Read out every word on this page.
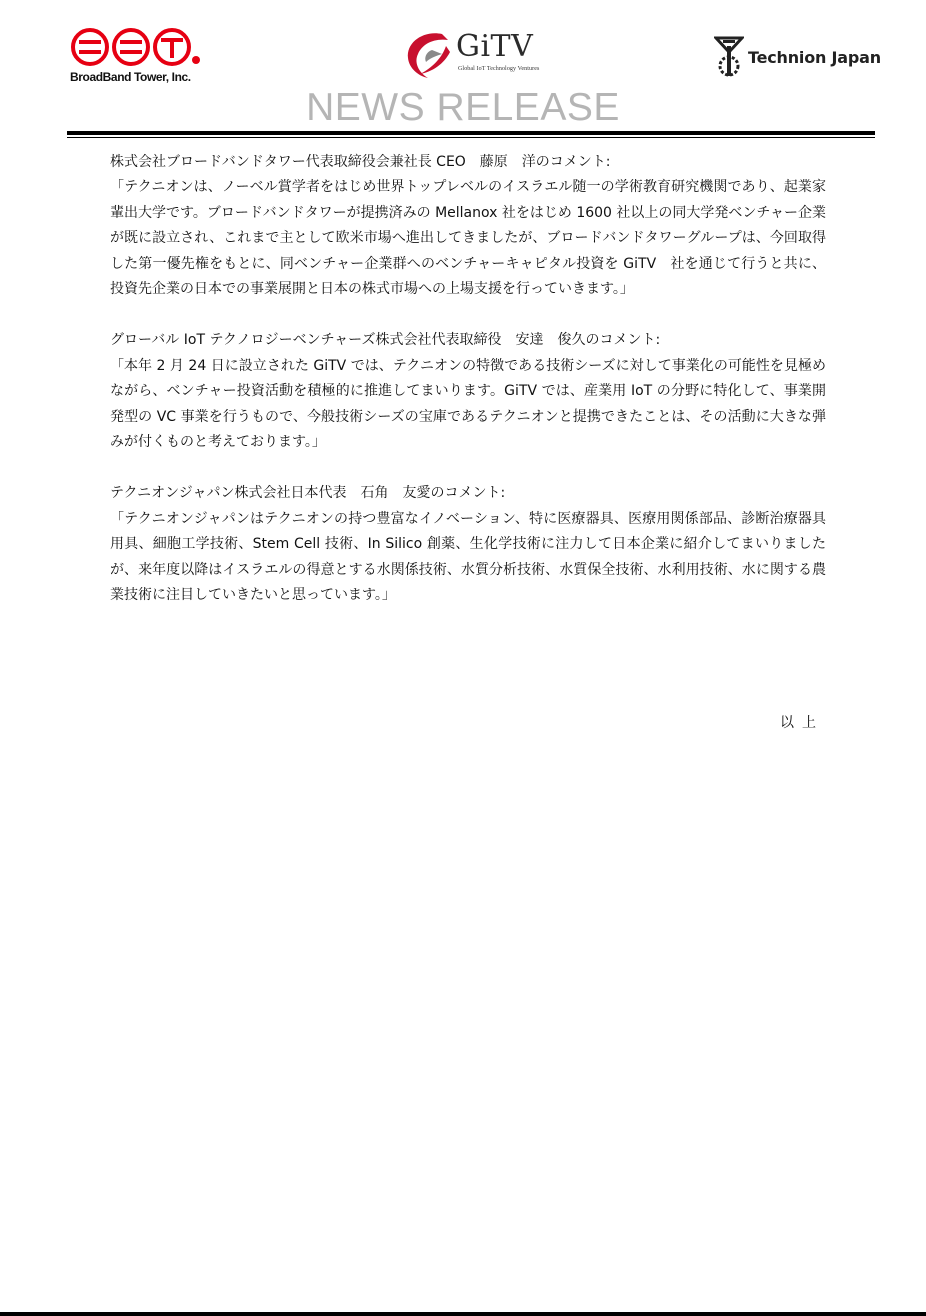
BroadBand Tower, Inc.
GiTV
Global IoT Technology Ventures
Technion Japan
NEWS RELEASE

株式会社ブロードバンドタワー代表取締役会兼社長 CEO　藤原　洋のコメント:

「テクニオンは、ノーベル賞学者をはじめ世界トップレベルのイスラエル随一の学術教育研究機関であり、起業家輩出大学です。ブロードバンドタワーが提携済みの Mellanox 社をはじめ 1600 社以上の同大学発ベンチャー企業が既に設立され、これまで主として欧米市場へ進出してきましたが、ブロードバンドタワーグループは、今回取得した第一優先権をもとに、同ベンチャー企業群へのベンチャーキャピタル投資を GiTV　社を通じて行うと共に、投資先企業の日本での事業展開と日本の株式市場への上場支援を行っていきます。」

グローバル IoT テクノロジーベンチャーズ株式会社代表取締役　安達　俊久のコメント:

「本年 2 月 24 日に設立された GiTV では、テクニオンの特徴である技術シーズに対して事業化の可能性を見極めながら、ベンチャー投資活動を積極的に推進してまいります。GiTV では、産業用 IoT の分野に特化して、事業開発型の VC 事業を行うもので、今般技術シーズの宝庫であるテクニオンと提携できたことは、その活動に大きな弾みが付くものと考えております。」

テクニオンジャパン株式会社日本代表　石角　友愛のコメント:

「テクニオンジャパンはテクニオンの持つ豊富なイノベーション、特に医療器具、医療用関係部品、診断治療器具用具、細胞工学技術、Stem Cell 技術、In Silico 創薬、生化学技術に注力して日本企業に紹介してまいりましたが、来年度以降はイスラエルの得意とする水関係技術、水質分析技術、水質保全技術、水利用技術、水に関する農業技術に注目していきたいと思っています。」

以上
